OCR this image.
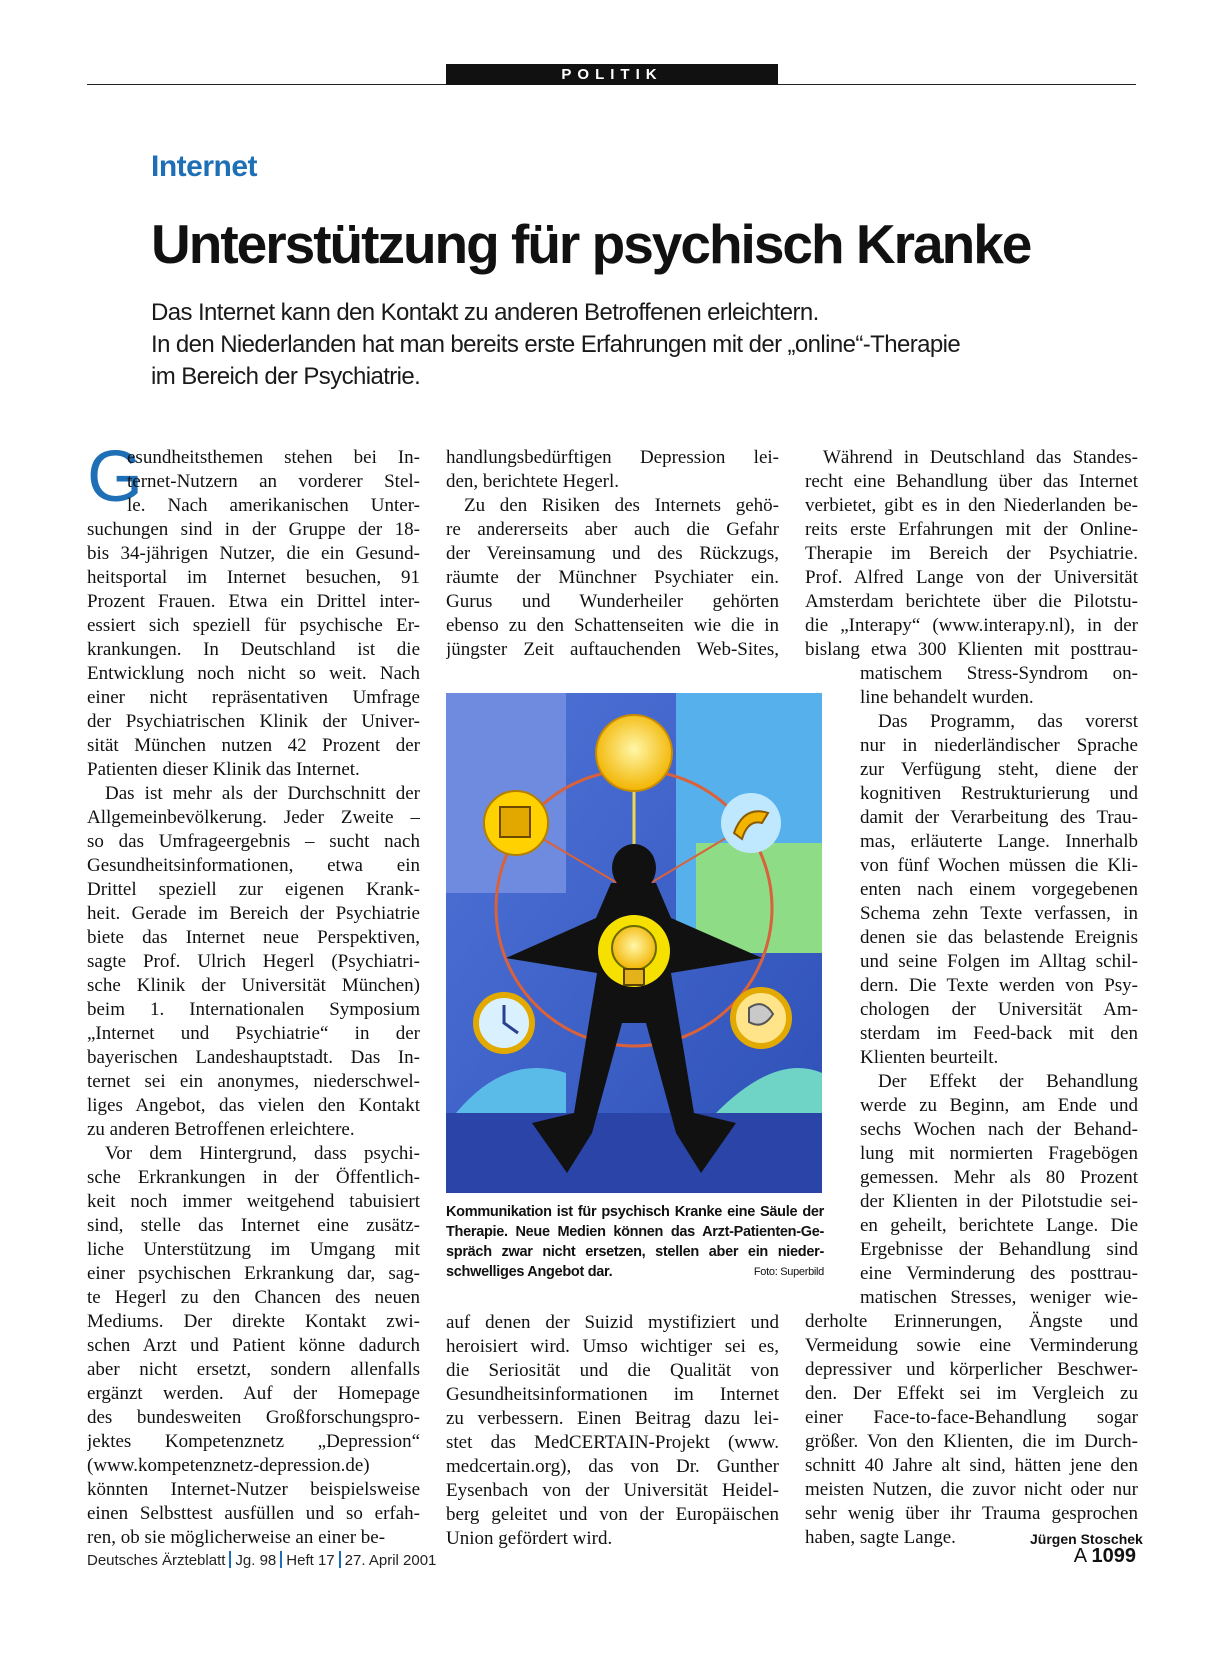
POLITIK
Internet
Unterstützung für psychisch Kranke
Das Internet kann den Kontakt zu anderen Betroffenen erleichtern.
In den Niederlanden hat man bereits erste Erfahrungen mit der „online“-Therapie
im Bereich der Psychiatrie.
G
esundheitsthemen stehen bei In-
ternet-Nutzern an vorderer Stel-
le. Nach amerikanischen Unter-
suchungen sind in der Gruppe der 18-
bis 34-jährigen Nutzer, die ein Gesund-
heitsportal im Internet besuchen, 91
Prozent Frauen. Etwa ein Drittel inter-
essiert sich speziell für psychische Er-
krankungen. In Deutschland ist die
Entwicklung noch nicht so weit. Nach
einer nicht repräsentativen Umfrage
der Psychiatrischen Klinik der Univer-
sität München nutzen 42 Prozent der
Patienten dieser Klinik das Internet.
Das ist mehr als der Durchschnitt der
Allgemeinbevölkerung. Jeder Zweite –
so das Umfrageergebnis – sucht nach
Gesundheitsinformationen, etwa ein
Drittel speziell zur eigenen Krank-
heit. Gerade im Bereich der Psychiatrie
biete das Internet neue Perspektiven,
sagte Prof. Ulrich Hegerl (Psychiatri-
sche Klinik der Universität München)
beim 1. Internationalen Symposium
„Internet und Psychiatrie“ in der
bayerischen Landeshauptstadt. Das In-
ternet sei ein anonymes, niederschwel-
liges Angebot, das vielen den Kontakt
zu anderen Betroffenen erleichtere.
Vor dem Hintergrund, dass psychi-
sche Erkrankungen in der Öffentlich-
keit noch immer weitgehend tabuisiert
sind, stelle das Internet eine zusätz-
liche Unterstützung im Umgang mit
einer psychischen Erkrankung dar, sag-
te Hegerl zu den Chancen des neuen
Mediums. Der direkte Kontakt zwi-
schen Arzt und Patient könne dadurch
aber nicht ersetzt, sondern allenfalls
ergänzt werden. Auf der Homepage
des bundesweiten Großforschungspro-
jektes Kompetenznetz „Depression“
(www.kompetenznetz-depression.de)
könnten Internet-Nutzer beispielsweise
einen Selbsttest ausfüllen und so erfah-
ren, ob sie möglicherweise an einer be-
handlungsbedürftigen Depression lei-
den, berichtete Hegerl.
Zu den Risiken des Internets gehö-
re andererseits aber auch die Gefahr
der Vereinsamung und des Rückzugs,
räumte der Münchner Psychiater ein.
Gurus und Wunderheiler gehörten
ebenso zu den Schattenseiten wie die in
jüngster Zeit auftauchenden Web-Sites,
auf denen der Suizid mystifiziert und
heroisiert wird. Umso wichtiger sei es,
die Seriosität und die Qualität von
Gesundheitsinformationen im Internet
zu verbessern. Einen Beitrag dazu lei-
stet das MedCERTAIN-Projekt (www.
medcertain.org), das von Dr. Gunther
Eysenbach von der Universität Heidel-
berg geleitet und von der Europäischen
Union gefördert wird.
Während in Deutschland das Standes-
recht eine Behandlung über das Internet
verbietet, gibt es in den Niederlanden be-
reits erste Erfahrungen mit der Online-
Therapie im Bereich der Psychiatrie.
Prof. Alfred Lange von der Universität
Amsterdam berichtete über die Pilotstu-
die „Interapy“ (www.interapy.nl), in der
bislang etwa 300 Klienten mit posttrau-
matischem Stress-Syndrom on-
line behandelt wurden.
Das Programm, das vorerst
nur in niederländischer Sprache
zur Verfügung steht, diene der
kognitiven Restrukturierung und
damit der Verarbeitung des Trau-
mas, erläuterte Lange. Innerhalb
von fünf Wochen müssen die Kli-
enten nach einem vorgegebenen
Schema zehn Texte verfassen, in
denen sie das belastende Ereignis
und seine Folgen im Alltag schil-
dern. Die Texte werden von Psy-
chologen der Universität Am-
sterdam im Feed-back mit den
Klienten beurteilt.
Der Effekt der Behandlung
werde zu Beginn, am Ende und
sechs Wochen nach der Behand-
lung mit normierten Fragebögen
gemessen. Mehr als 80 Prozent
der Klienten in der Pilotstudie sei-
en geheilt, berichtete Lange. Die
Ergebnisse der Behandlung sind
eine Verminderung des posttrau-
matischen Stresses, weniger wie-
derholte Erinnerungen, Ängste und
Vermeidung sowie eine Verminderung
depressiver und körperlicher Beschwer-
den. Der Effekt sei im Vergleich zu
einer Face-to-face-Behandlung sogar
größer. Von den Klienten, die im Durch-
schnitt 40 Jahre alt sind, hätten jene den
meisten Nutzen, die zuvor nicht oder nur
sehr wenig über ihr Trauma gesprochen
haben, sagte Lange.
Kommunikation ist für psychisch Kranke eine Säule der
Therapie. Neue Medien können das Arzt-Patienten-Ge-
spräch zwar nicht ersetzen, stellen aber ein nieder-
schwelliges Angebot dar.	Foto: Superbild
Jürgen Stoschek
Deutsches Ärzteblatt Jg. 98 Heft 17 27. April 2001	A 1099
